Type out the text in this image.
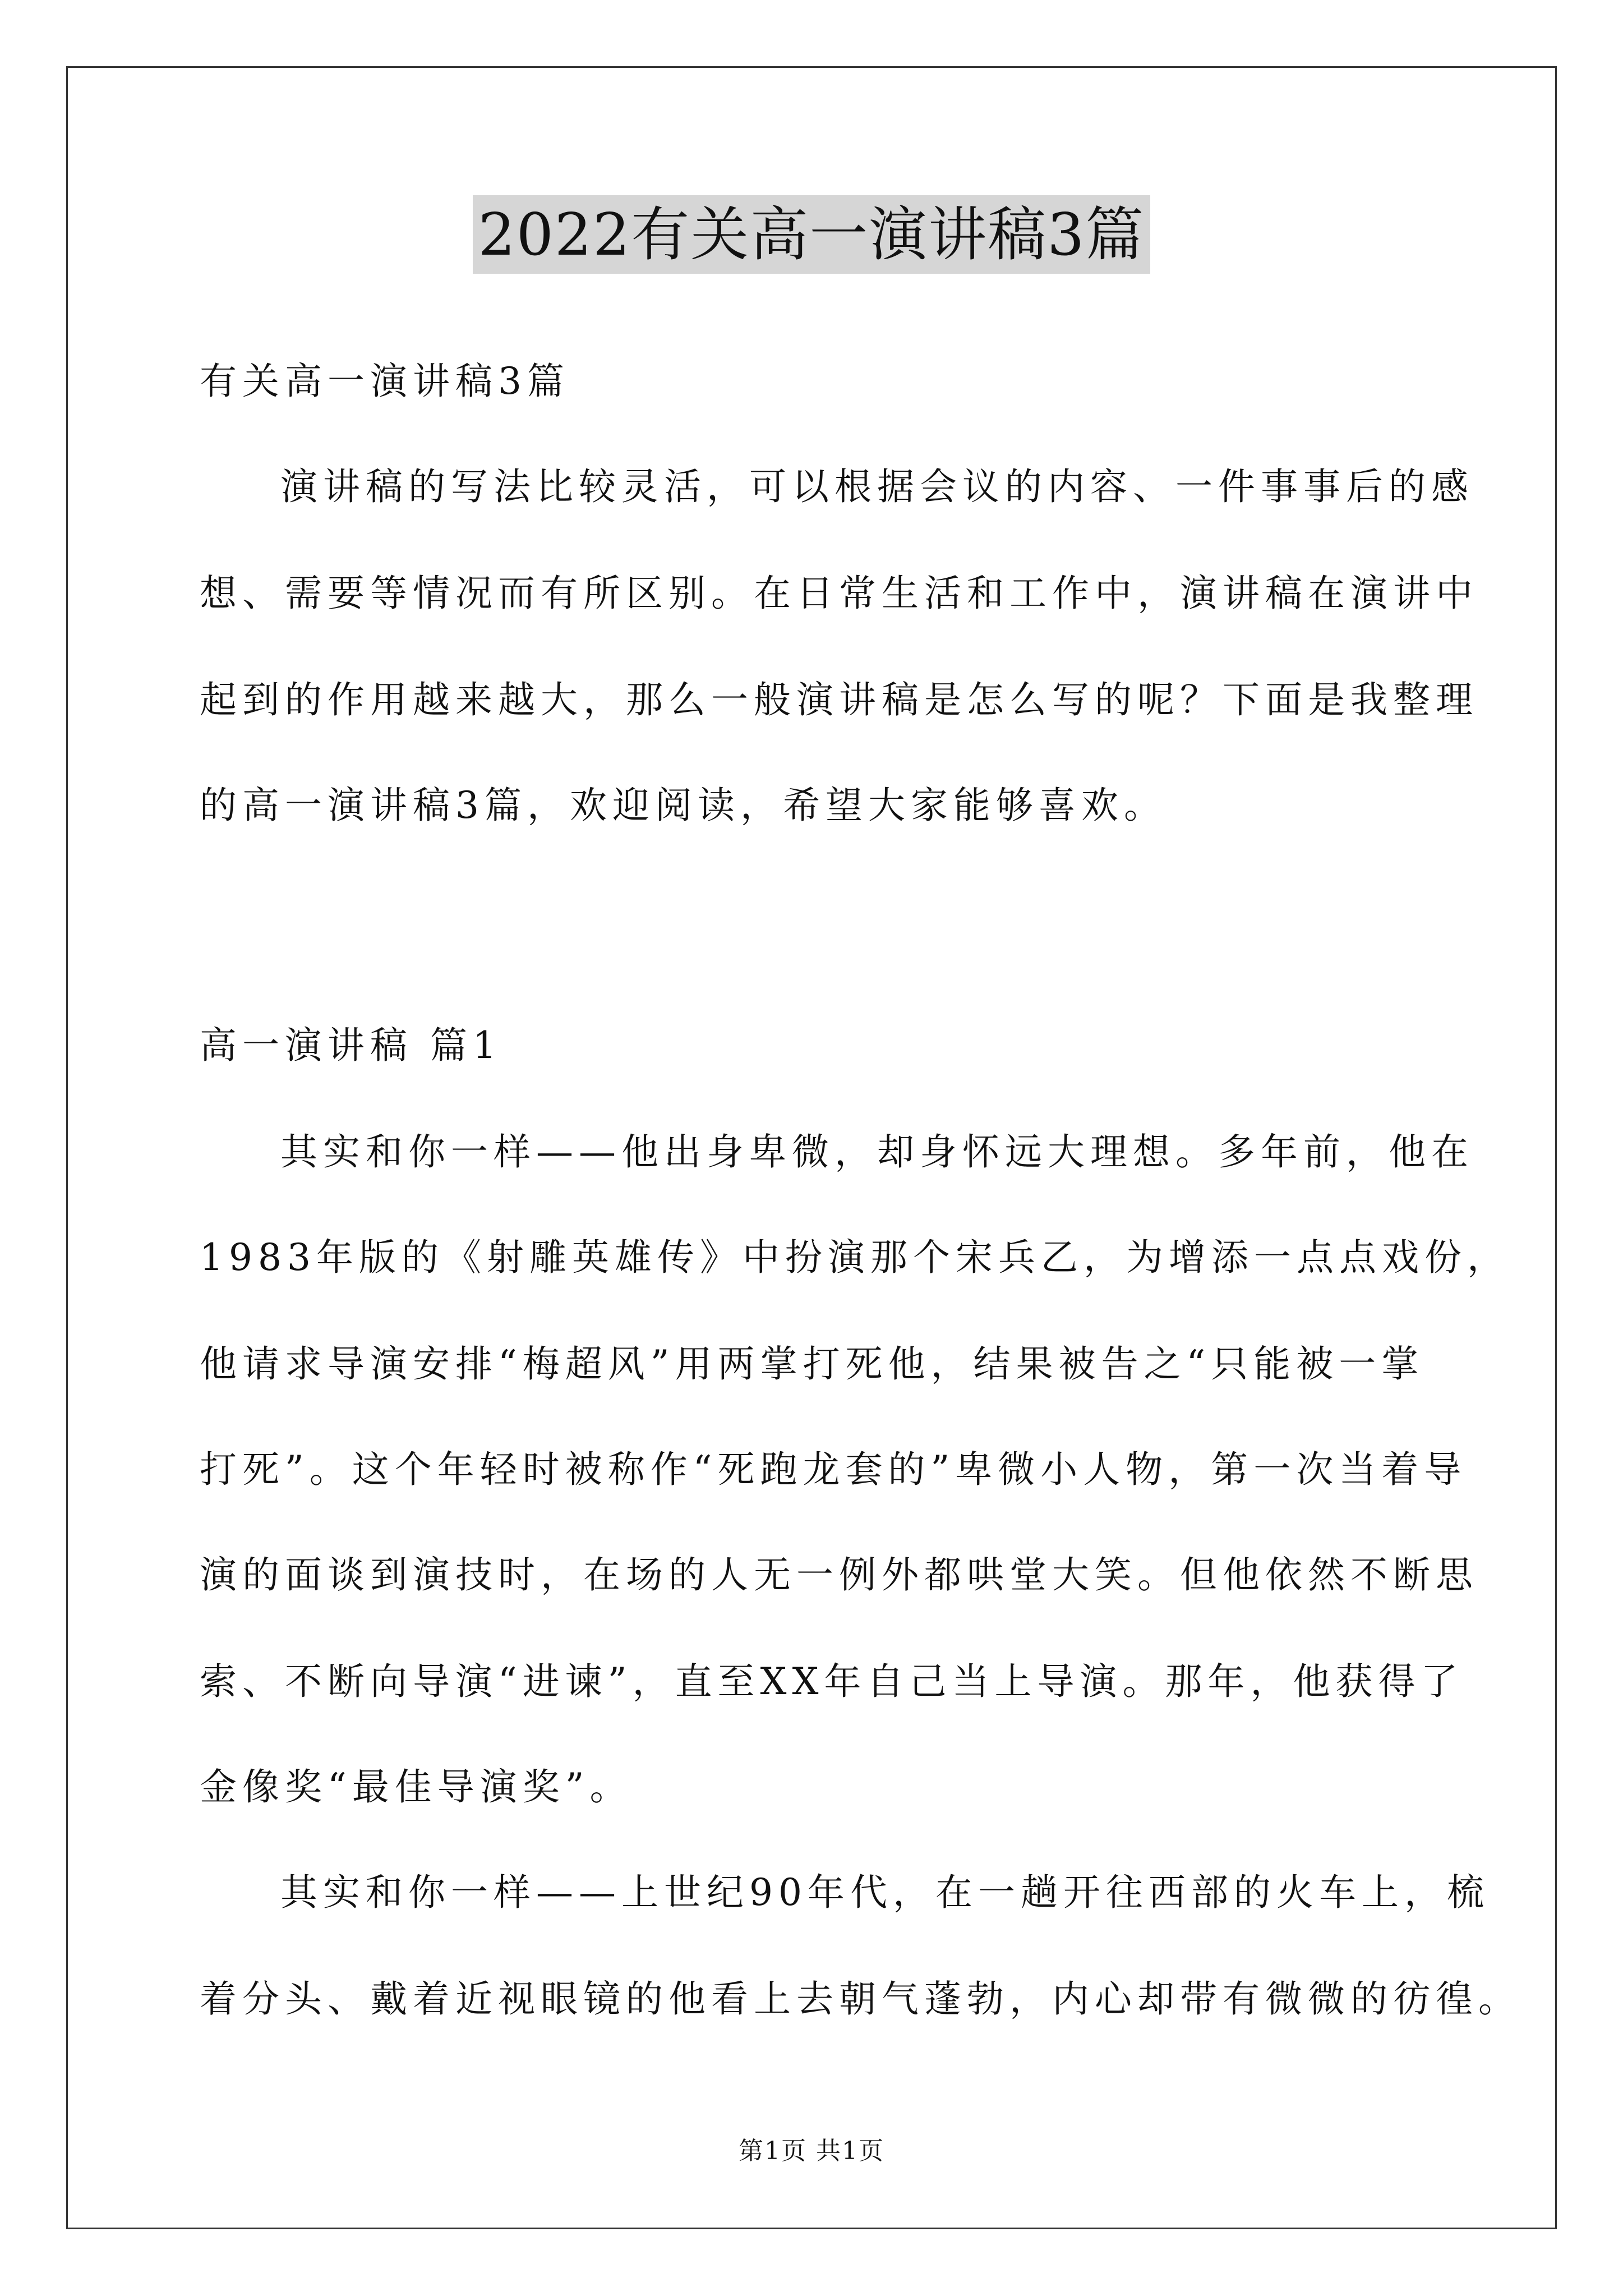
2022有关高一演讲稿3篇
有关高一演讲稿3篇
演讲稿的写法比较灵活，可以根据会议的内容、一件事事后的感
想、需要等情况而有所区别。在日常生活和工作中，演讲稿在演讲中
起到的作用越来越大，那么一般演讲稿是怎么写的呢？下面是我整理
的高一演讲稿3篇，欢迎阅读，希望大家能够喜欢。
高一演讲稿 篇1
其实和你一样——他出身卑微，却身怀远大理想。多年前，他在
1983年版的《射雕英雄传》中扮演那个宋兵乙，为增添一点点戏份，
他请求导演安排“梅超风”用两掌打死他，结果被告之“只能被一掌
打死”。这个年轻时被称作“死跑龙套的”卑微小人物，第一次当着导
演的面谈到演技时，在场的人无一例外都哄堂大笑。但他依然不断思
索、不断向导演“进谏”，直至XX年自己当上导演。那年，他获得了
金像奖“最佳导演奖”。
其实和你一样——上世纪90年代，在一趟开往西部的火车上，梳
着分头、戴着近视眼镜的他看上去朝气蓬勃，内心却带有微微的彷徨。
第1页 共1页
